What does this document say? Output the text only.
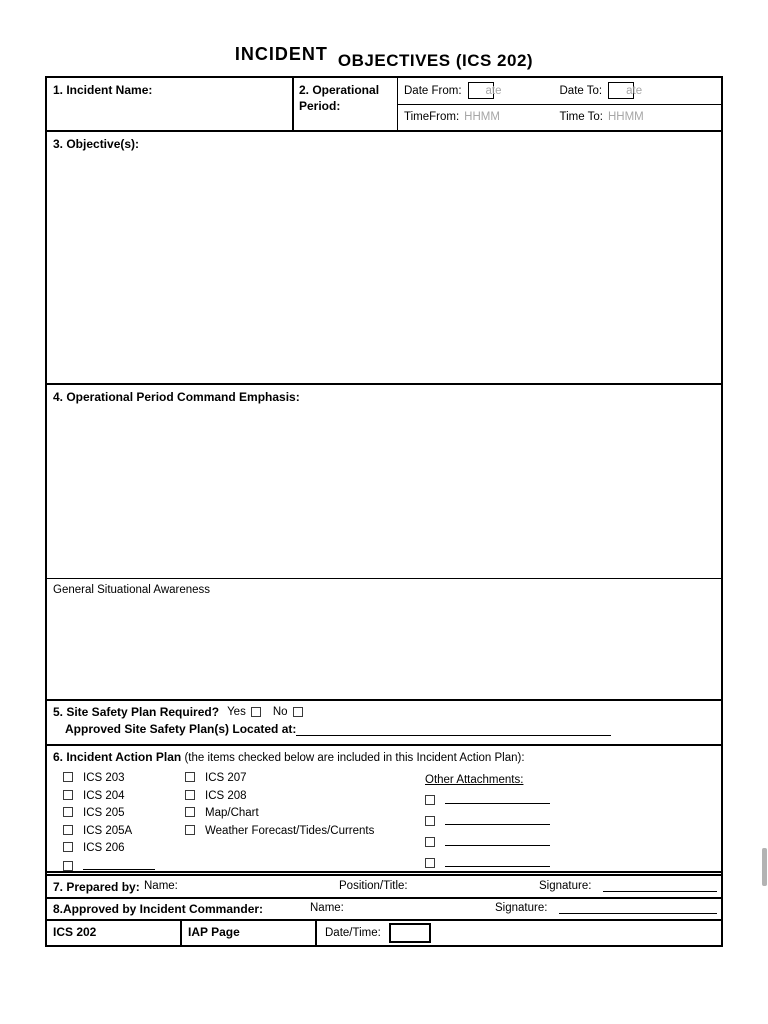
INCIDENT OBJECTIVES (ICS 202)
1. Incident Name:	2. Operational Period:
Date From: ate	Date To: ate
TimeFrom: HHMM	Time To: HHMM
3. Objective(s):
4. Operational Period Command Emphasis:
General Situational Awareness
5. Site Safety Plan Required? Yes No
Approved Site Safety Plan(s) Located at:
6. Incident Action Plan (the items checked below are included in this Incident Action Plan):
ICS 203
ICS 204
ICS 205
ICS 205A
ICS 206
ICS 207
ICS 208
Map/Chart
Weather Forecast/Tides/Currents
Other Attachments:
7. Prepared by: Name:	Position/Title:	Signature:
8.Approved by Incident Commander:	Name:	Signature:
ICS 202	IAP Page	Date/Time:
